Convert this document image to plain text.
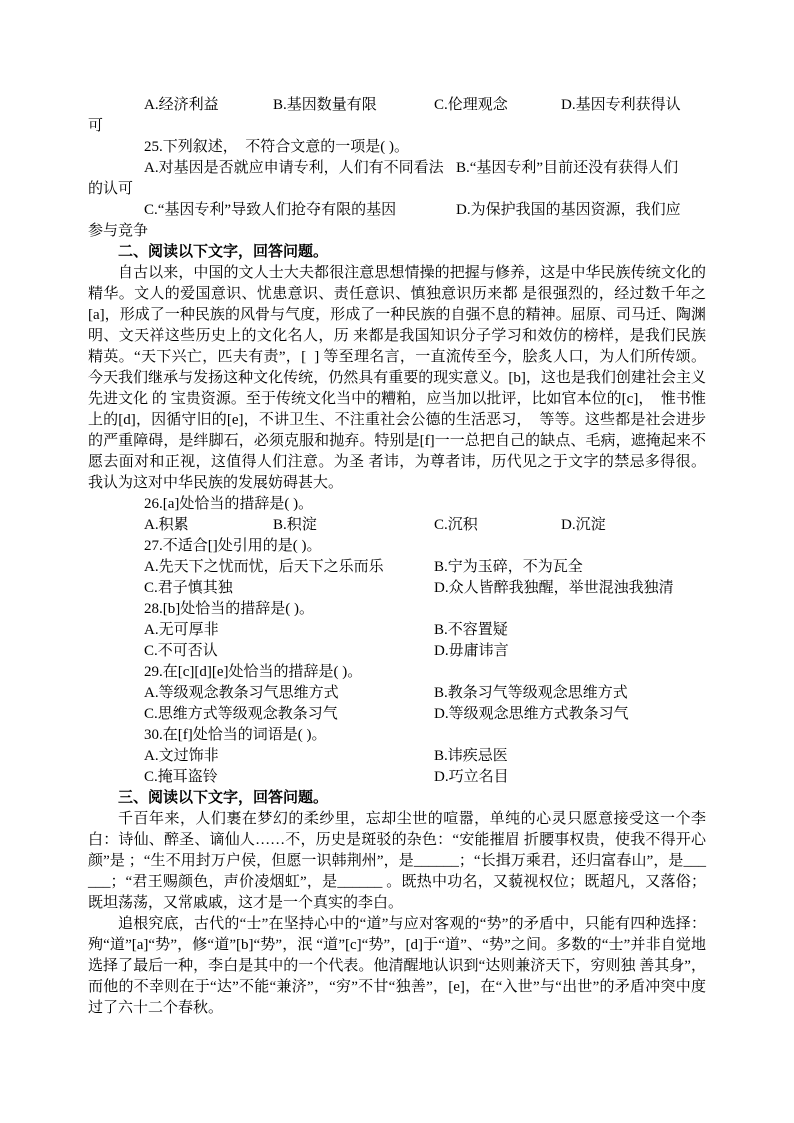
A.经济利益	B.基因数量有限	C.伦理观念	D.基因专利获得认
可
25.下列叙述，  不符合文意的一项是( )。
A.对基因是否就应申请专利，人们有不同看法 B.“基因专利”目前还没有获得人们
的认可
C.“基因专利”导致人们抢夺有限的基因	D.为保护我国的基因资源，我们应
参与竞争
二、阅读以下文字，回答问题。
自古以来，中国的文人士大夫都很注意思想情操的把握与修养，这是中华民族传统文化的精华。文人的爱国意识、忧患意识、责任意识、慎独意识历来都 是很强烈的，经过数千年之[a]，形成了一种民族的风骨与气度，形成了一种民族的自强不息的精神。屈原、司马迁、陶渊明、文天祥这些历史上的文化名人，历 来都是我国知识分子学习和效仿的榜样，是我们民族精英。“天下兴亡，匹夫有责”，[  ] 等至理名言，一直流传至今，脍炙人口，为人们所传颂。今天我们继承与发扬这种文化传统，仍然具有重要的现实意义。[b]，这也是我们创建社会主义先进文化 的 宝贵资源。至于传统文化当中的糟粕，应当加以批评，比如官本位的[c]，  惟书惟上的[d]，因循守旧的[e]，不讲卫生、不注重社会公德的生活恶习，  等等。这些都是社会进步的严重障碍，是绊脚石，必须克服和抛弃。特别是[f]一一总把自己的缺点、毛病，遮掩起来不愿去面对和正视，这值得人们注意。为圣 者讳，为尊者讳，历代见之于文字的禁忌多得很。我认为这对中华民族的发展妨碍甚大。
26.[a]处恰当的措辞是( )。
A.积累	B.积淀	C.沉积	D.沉淀
27.不适合[]处引用的是( )。
A.先天下之忧而忧，后天下之乐而乐	B.宁为玉碎，不为瓦全
C.君子慎其独	D.众人皆醉我独醒，举世混浊我独清
28.[b]处恰当的措辞是( )。
A.无可厚非	B.不容置疑
C.不可否认	D.毋庸讳言
29.在[c][d][e]处恰当的措辞是( )。
A.等级观念教条习气思维方式	B.教条习气等级观念思维方式
C.思维方式等级观念教条习气	D.等级观念思维方式教条习气
30.在[f]处恰当的词语是( )。
A.文过饰非	B.讳疾忌医
C.掩耳盗铃	D.巧立名目
三、阅读以下文字，回答问题。
千百年来，人们裹在梦幻的柔纱里，忘却尘世的喧嚣，单纯的心灵只愿意接受这一个李白：诗仙、醉圣、谪仙人……不，历史是斑驳的杂色：“安能摧眉 折腰事权贵，使我不得开心颜”是 ；“生不用封万户侯，但愿一识韩荆州”，是______；“长揖万乘君，还归富春山”，是______；“君王赐颜色，声价凌烟虹”，是______ 。既热中功名，又藐视权位；既超凡，又落俗；既坦荡荡，又常戚戚，这才是一个真实的李白。
追根究底，古代的“士”在坚持心中的“道”与应对客观的“势”的矛盾中，只能有四种选择：殉“道”[a]“势”，修“道”[b]“势”，泯 “道”[c]“势”，[d]于“道”、“势”之间。多数的“士”并非自觉地选择了最后一种，李白是其中的一个代表。他清醒地认识到“达则兼济天下，穷则独 善其身”，而他的不幸则在于“达”不能“兼济”，“穷”不甘“独善”，[e]，在“入世”与“出世”的矛盾冲突中度过了六十二个春秋。
